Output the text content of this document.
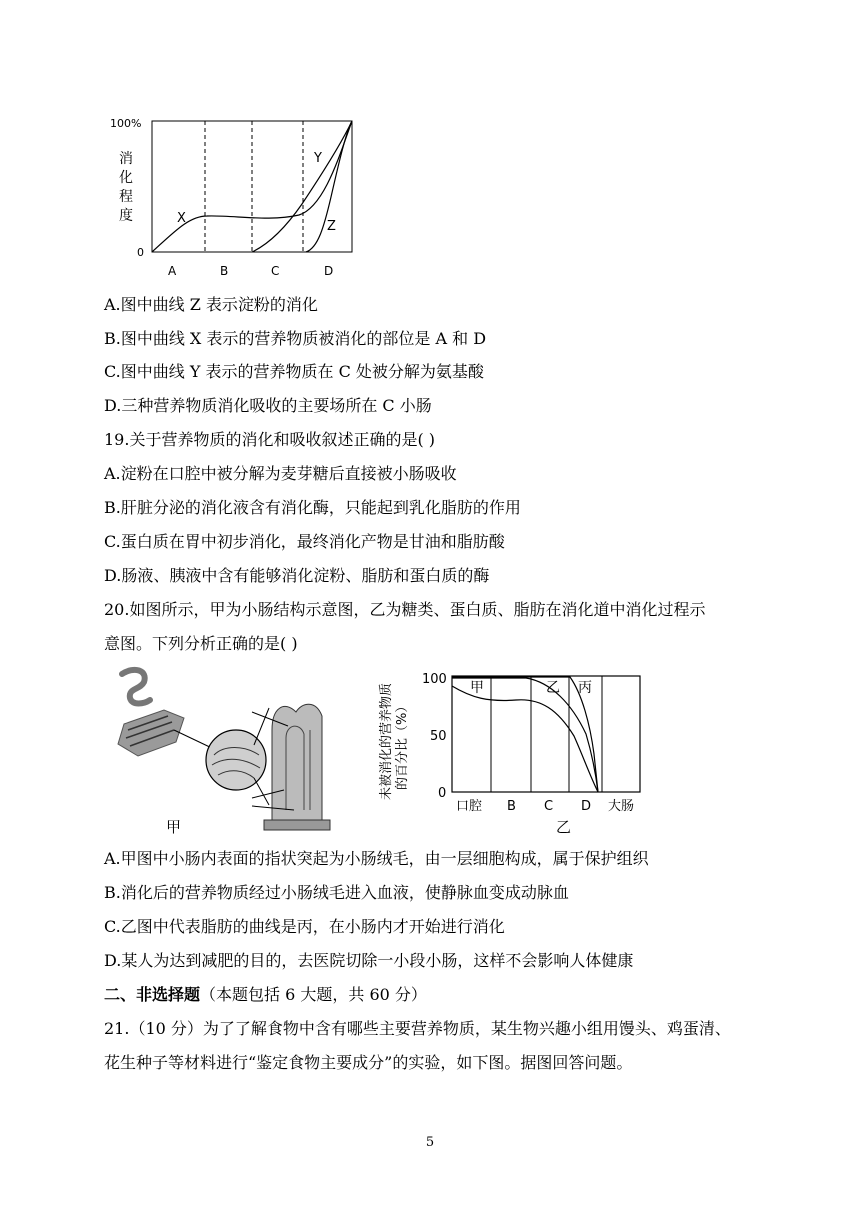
100%
消
化
程
度
0
X
Y
Z
A	B	C	D
A.图中曲线 Z 表示淀粉的消化
B.图中曲线 X 表示的营养物质被消化的部位是 A 和 D
C.图中曲线 Y 表示的营养物质在 C 处被分解为氨基酸
D.三种营养物质消化吸收的主要场所在 C 小肠
19.关于营养物质的消化和吸收叙述正确的是( )
A.淀粉在口腔中被分解为麦芽糖后直接被小肠吸收
B.肝脏分泌的消化液含有消化酶，只能起到乳化脂肪的作用
C.蛋白质在胃中初步消化，最终消化产物是甘油和脂肪酸
D.肠液、胰液中含有能够消化淀粉、脂肪和蛋白质的酶
20.如图所示，甲为小肠结构示意图，乙为糖类、蛋白质、脂肪在消化道中消化过程示
意图。下列分析正确的是( )
甲
未被消化的营养物质 的百分比（%）
100
50
0
甲	乙 丙
口腔 B C D 大肠
乙
A.甲图中小肠内表面的指状突起为小肠绒毛，由一层细胞构成，属于保护组织
B.消化后的营养物质经过小肠绒毛进入血液，使静脉血变成动脉血
C.乙图中代表脂肪的曲线是丙，在小肠内才开始进行消化
D.某人为达到减肥的目的，去医院切除一小段小肠，这样不会影响人体健康
二、非选择题（本题包括 6 大题，共 60 分）
21.（10 分）为了了解食物中含有哪些主要营养物质，某生物兴趣小组用馒头、鸡蛋清、
花生种子等材料进行“鉴定食物主要成分”的实验，如下图。据图回答问题。
5
